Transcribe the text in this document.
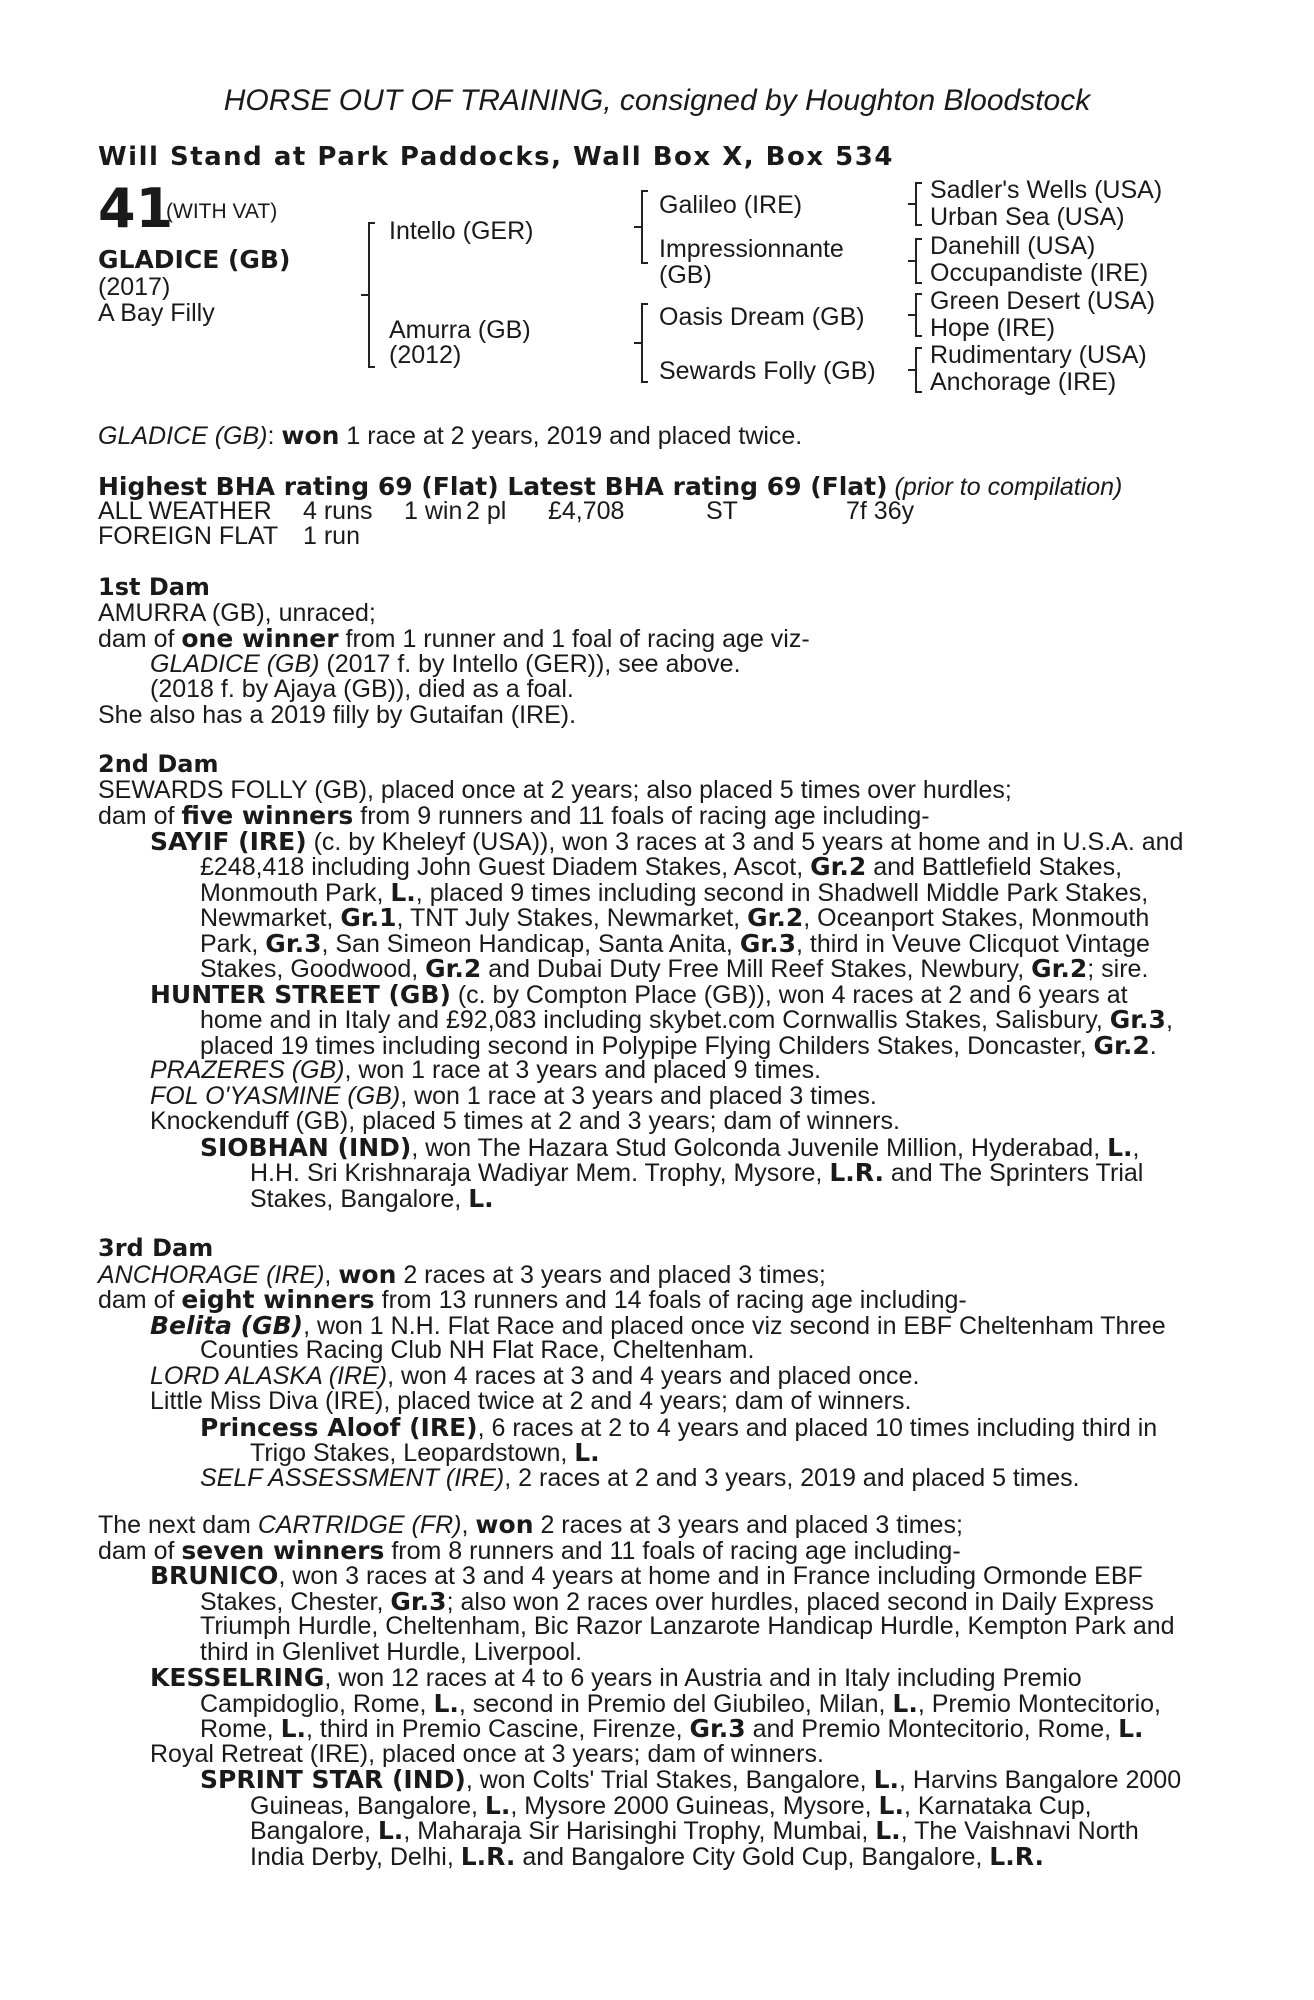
HORSE OUT OF TRAINING, consigned by Houghton Bloodstock
Will Stand at Park Paddocks, Wall Box X, Box 534
41
(WITH VAT)
GLADICE (GB)
(2017)
A Bay Filly
Intello (GER)
Amurra (GB)
(2012)
Galileo (IRE)
Impressionnante
(GB)
Oasis Dream (GB)
Sewards Folly (GB)
Sadler's Wells (USA)
Urban Sea (USA)
Danehill (USA)
Occupandiste (IRE)
Green Desert (USA)
Hope (IRE)
Rudimentary (USA)
Anchorage (IRE)
GLADICE (GB): won 1 race at 2 years, 2019 and placed twice.
Highest BHA rating 69 (Flat) Latest BHA rating 69 (Flat) (prior to compilation)
ALL WEATHER 4 runs 1 win 2 pl £4,708	ST	7f 36y
FOREIGN FLAT 1 run
1st Dam
AMURRA (GB), unraced;
dam of one winner from 1 runner and 1 foal of racing age viz-
GLADICE (GB) (2017 f. by Intello (GER)), see above.
(2018 f. by Ajaya (GB)), died as a foal.
She also has a 2019 filly by Gutaifan (IRE).
2nd Dam
SEWARDS FOLLY (GB), placed once at 2 years; also placed 5 times over hurdles;
dam of five winners from 9 runners and 11 foals of racing age including-
SAYIF (IRE) (c. by Kheleyf (USA)), won 3 races at 3 and 5 years at home and in U.S.A. and
£248,418 including John Guest Diadem Stakes, Ascot, Gr.2 and Battlefield Stakes,
Monmouth Park, L., placed 9 times including second in Shadwell Middle Park Stakes,
Newmarket, Gr.1, TNT July Stakes, Newmarket, Gr.2, Oceanport Stakes, Monmouth
Park, Gr.3, San Simeon Handicap, Santa Anita, Gr.3, third in Veuve Clicquot Vintage
Stakes, Goodwood, Gr.2 and Dubai Duty Free Mill Reef Stakes, Newbury, Gr.2; sire.
HUNTER STREET (GB) (c. by Compton Place (GB)), won 4 races at 2 and 6 years at
home and in Italy and £92,083 including skybet.com Cornwallis Stakes, Salisbury, Gr.3,
placed 19 times including second in Polypipe Flying Childers Stakes, Doncaster, Gr.2.
PRAZERES (GB), won 1 race at 3 years and placed 9 times.
FOL O'YASMINE (GB), won 1 race at 3 years and placed 3 times.
Knockenduff (GB), placed 5 times at 2 and 3 years; dam of winners.
SIOBHAN (IND), won The Hazara Stud Golconda Juvenile Million, Hyderabad, L.,
H.H. Sri Krishnaraja Wadiyar Mem. Trophy, Mysore, L.R. and The Sprinters Trial
Stakes, Bangalore, L.
3rd Dam
ANCHORAGE (IRE), won 2 races at 3 years and placed 3 times;
dam of eight winners from 13 runners and 14 foals of racing age including-
Belita (GB), won 1 N.H. Flat Race and placed once viz second in EBF Cheltenham Three
Counties Racing Club NH Flat Race, Cheltenham.
LORD ALASKA (IRE), won 4 races at 3 and 4 years and placed once.
Little Miss Diva (IRE), placed twice at 2 and 4 years; dam of winners.
Princess Aloof (IRE), 6 races at 2 to 4 years and placed 10 times including third in
Trigo Stakes, Leopardstown, L.
SELF ASSESSMENT (IRE), 2 races at 2 and 3 years, 2019 and placed 5 times.
The next dam CARTRIDGE (FR), won 2 races at 3 years and placed 3 times;
dam of seven winners from 8 runners and 11 foals of racing age including-
BRUNICO, won 3 races at 3 and 4 years at home and in France including Ormonde EBF
Stakes, Chester, Gr.3; also won 2 races over hurdles, placed second in Daily Express
Triumph Hurdle, Cheltenham, Bic Razor Lanzarote Handicap Hurdle, Kempton Park and
third in Glenlivet Hurdle, Liverpool.
KESSELRING, won 12 races at 4 to 6 years in Austria and in Italy including Premio
Campidoglio, Rome, L., second in Premio del Giubileo, Milan, L., Premio Montecitorio,
Rome, L., third in Premio Cascine, Firenze, Gr.3 and Premio Montecitorio, Rome, L.
Royal Retreat (IRE), placed once at 3 years; dam of winners.
SPRINT STAR (IND), won Colts' Trial Stakes, Bangalore, L., Harvins Bangalore 2000
Guineas, Bangalore, L., Mysore 2000 Guineas, Mysore, L., Karnataka Cup,
Bangalore, L., Maharaja Sir Harisinghi Trophy, Mumbai, L., The Vaishnavi North
India Derby, Delhi, L.R. and Bangalore City Gold Cup, Bangalore, L.R.
